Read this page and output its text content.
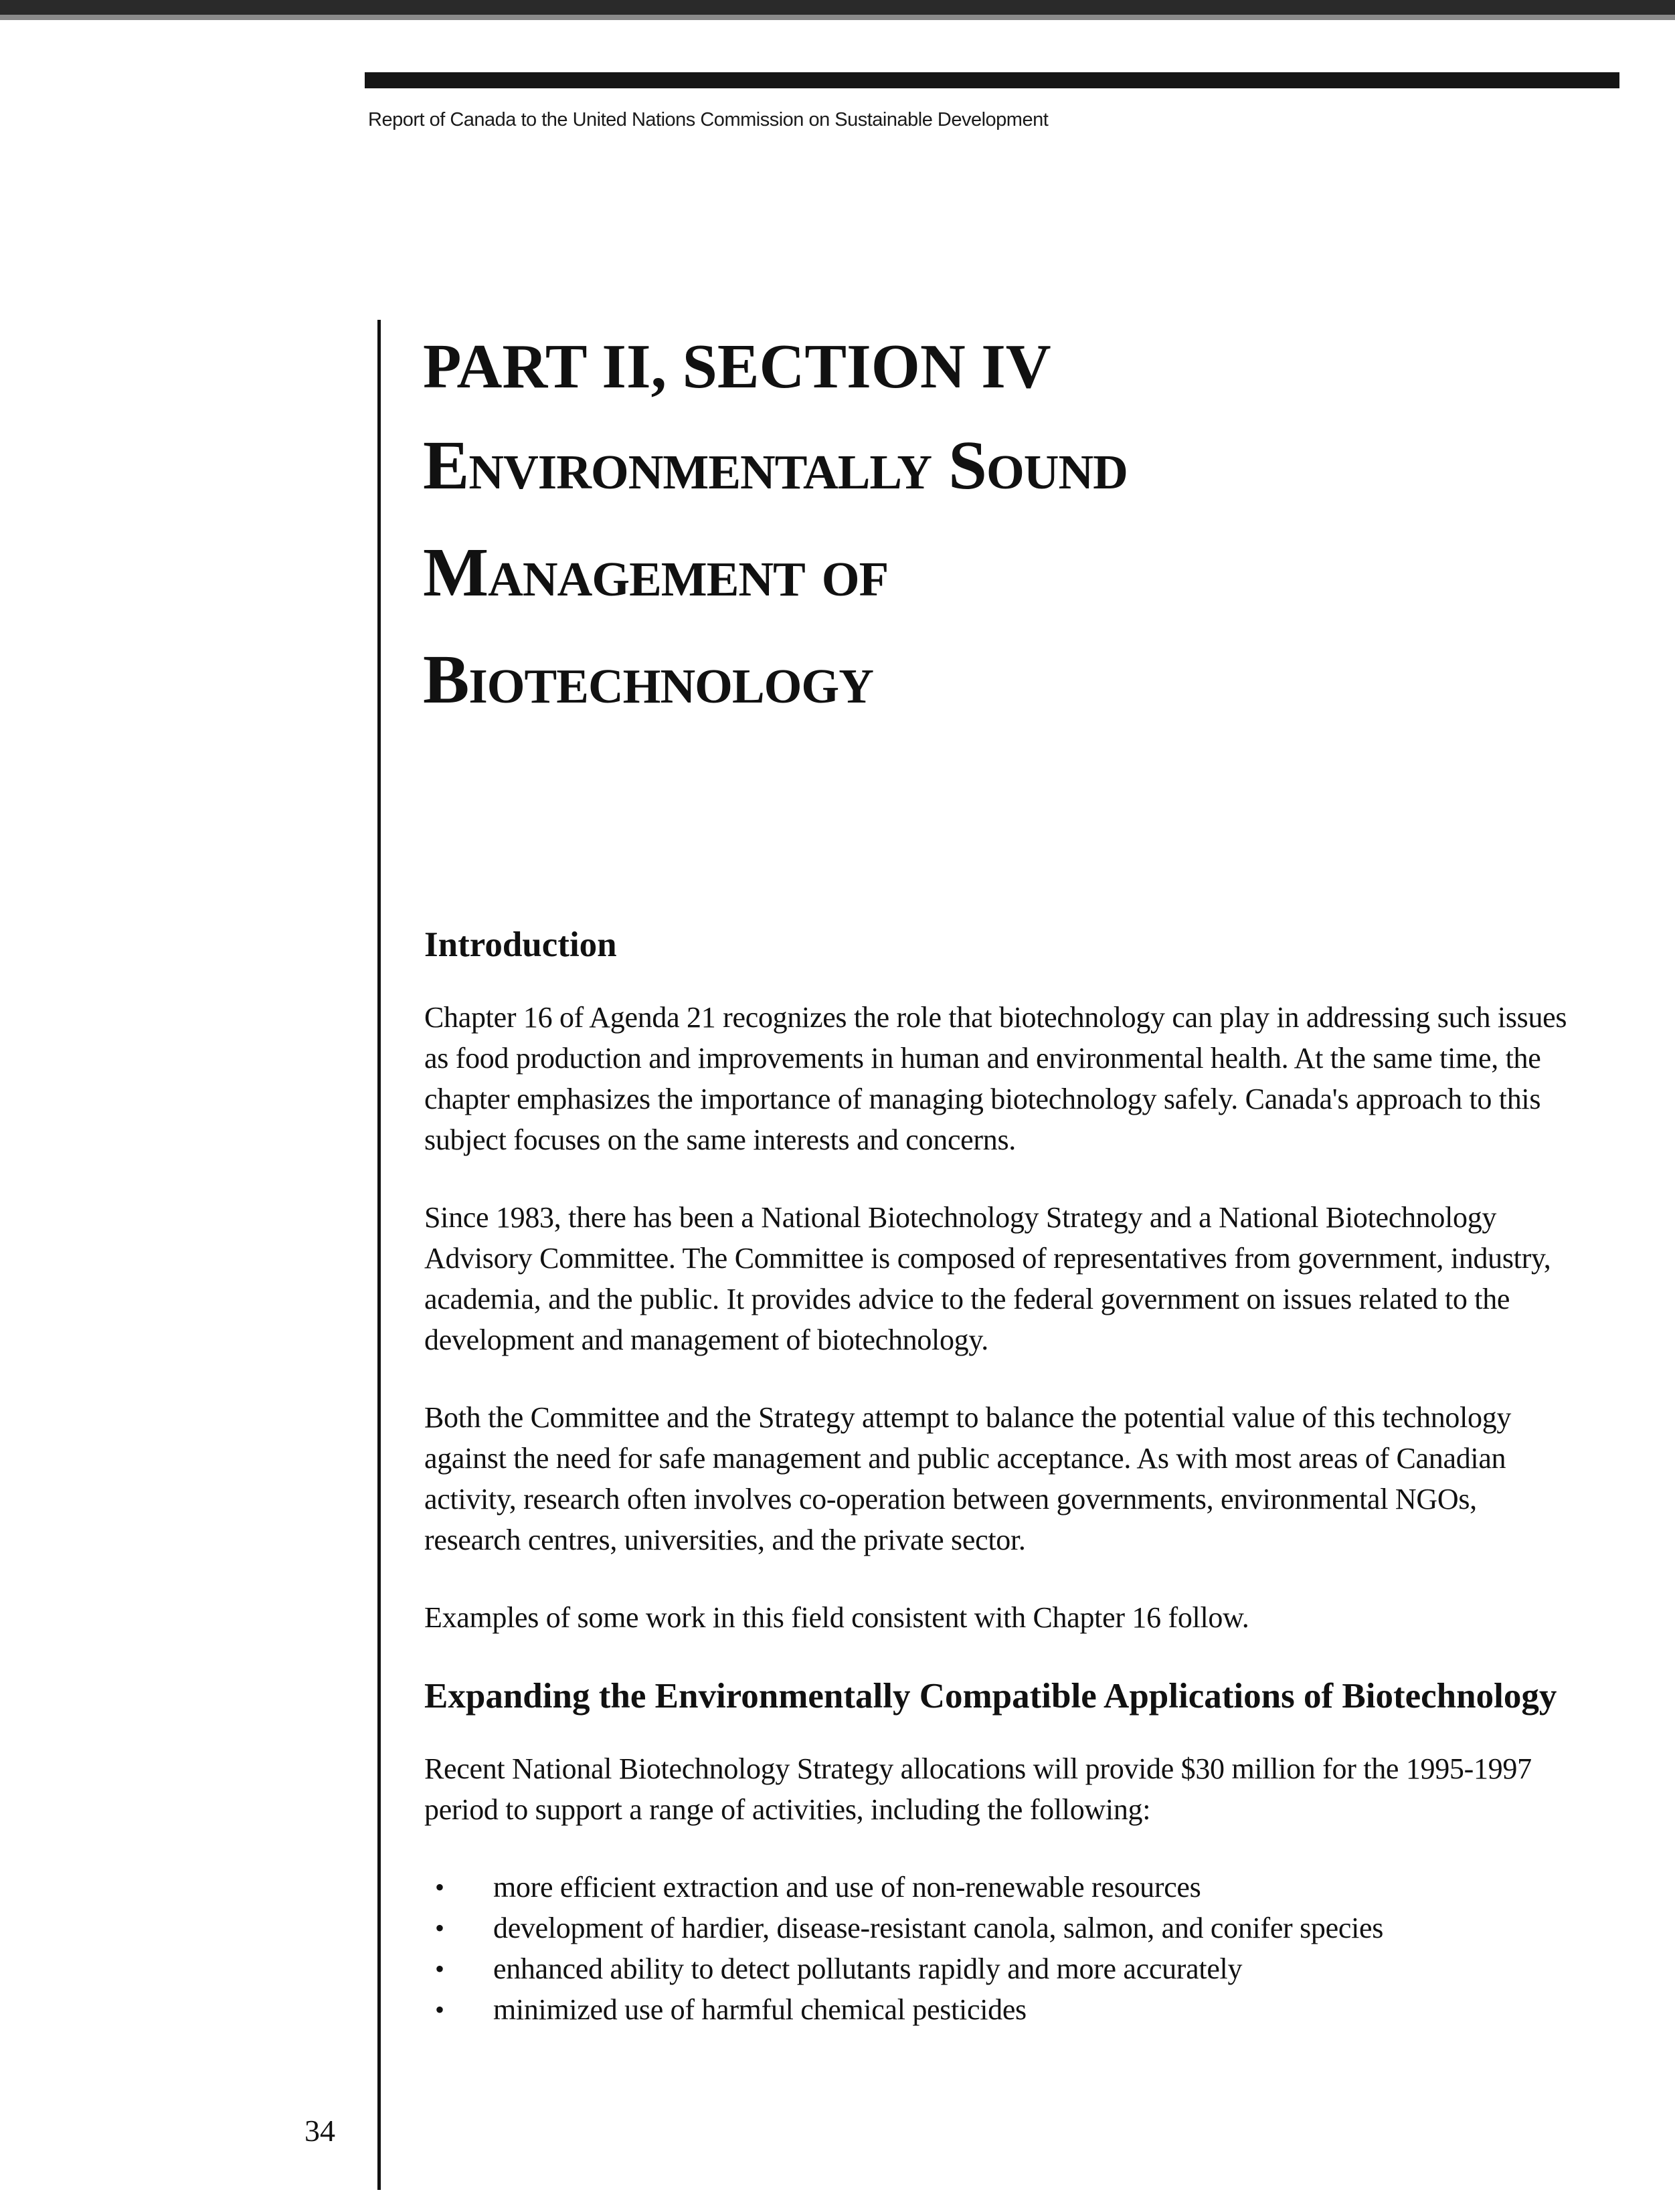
Report of Canada to the United Nations Commission on Sustainable Development
PART II, SECTION IV
Environmentally Sound
Management of
Biotechnology
Introduction

Chapter 16 of Agenda 21 recognizes the role that biotechnology can play in addressing such issues as food production and improvements in human and environmental health. At the same time, the chapter emphasizes the importance of managing biotechnology safely. Canada's approach to this subject focuses on the same interests and concerns.

Since 1983, there has been a National Biotechnology Strategy and a National Biotechnology Advisory Committee. The Committee is composed of representatives from government, industry, academia, and the public. It provides advice to the federal government on issues related to the development and management of biotechnology.

Both the Committee and the Strategy attempt to balance the potential value of this technology against the need for safe management and public acceptance. As with most areas of Canadian activity, research often involves co-operation between governments, environmental NGOs, research centres, universities, and the private sector.

Examples of some work in this field consistent with Chapter 16 follow.

Expanding the Environmentally Compatible Applications of Biotechnology

Recent National Biotechnology Strategy allocations will provide $30 million for the 1995-1997 period to support a range of activities, including the following:

• more efficient extraction and use of non-renewable resources
• development of hardier, disease-resistant canola, salmon, and conifer species
• enhanced ability to detect pollutants rapidly and more accurately
• minimized use of harmful chemical pesticides
34
